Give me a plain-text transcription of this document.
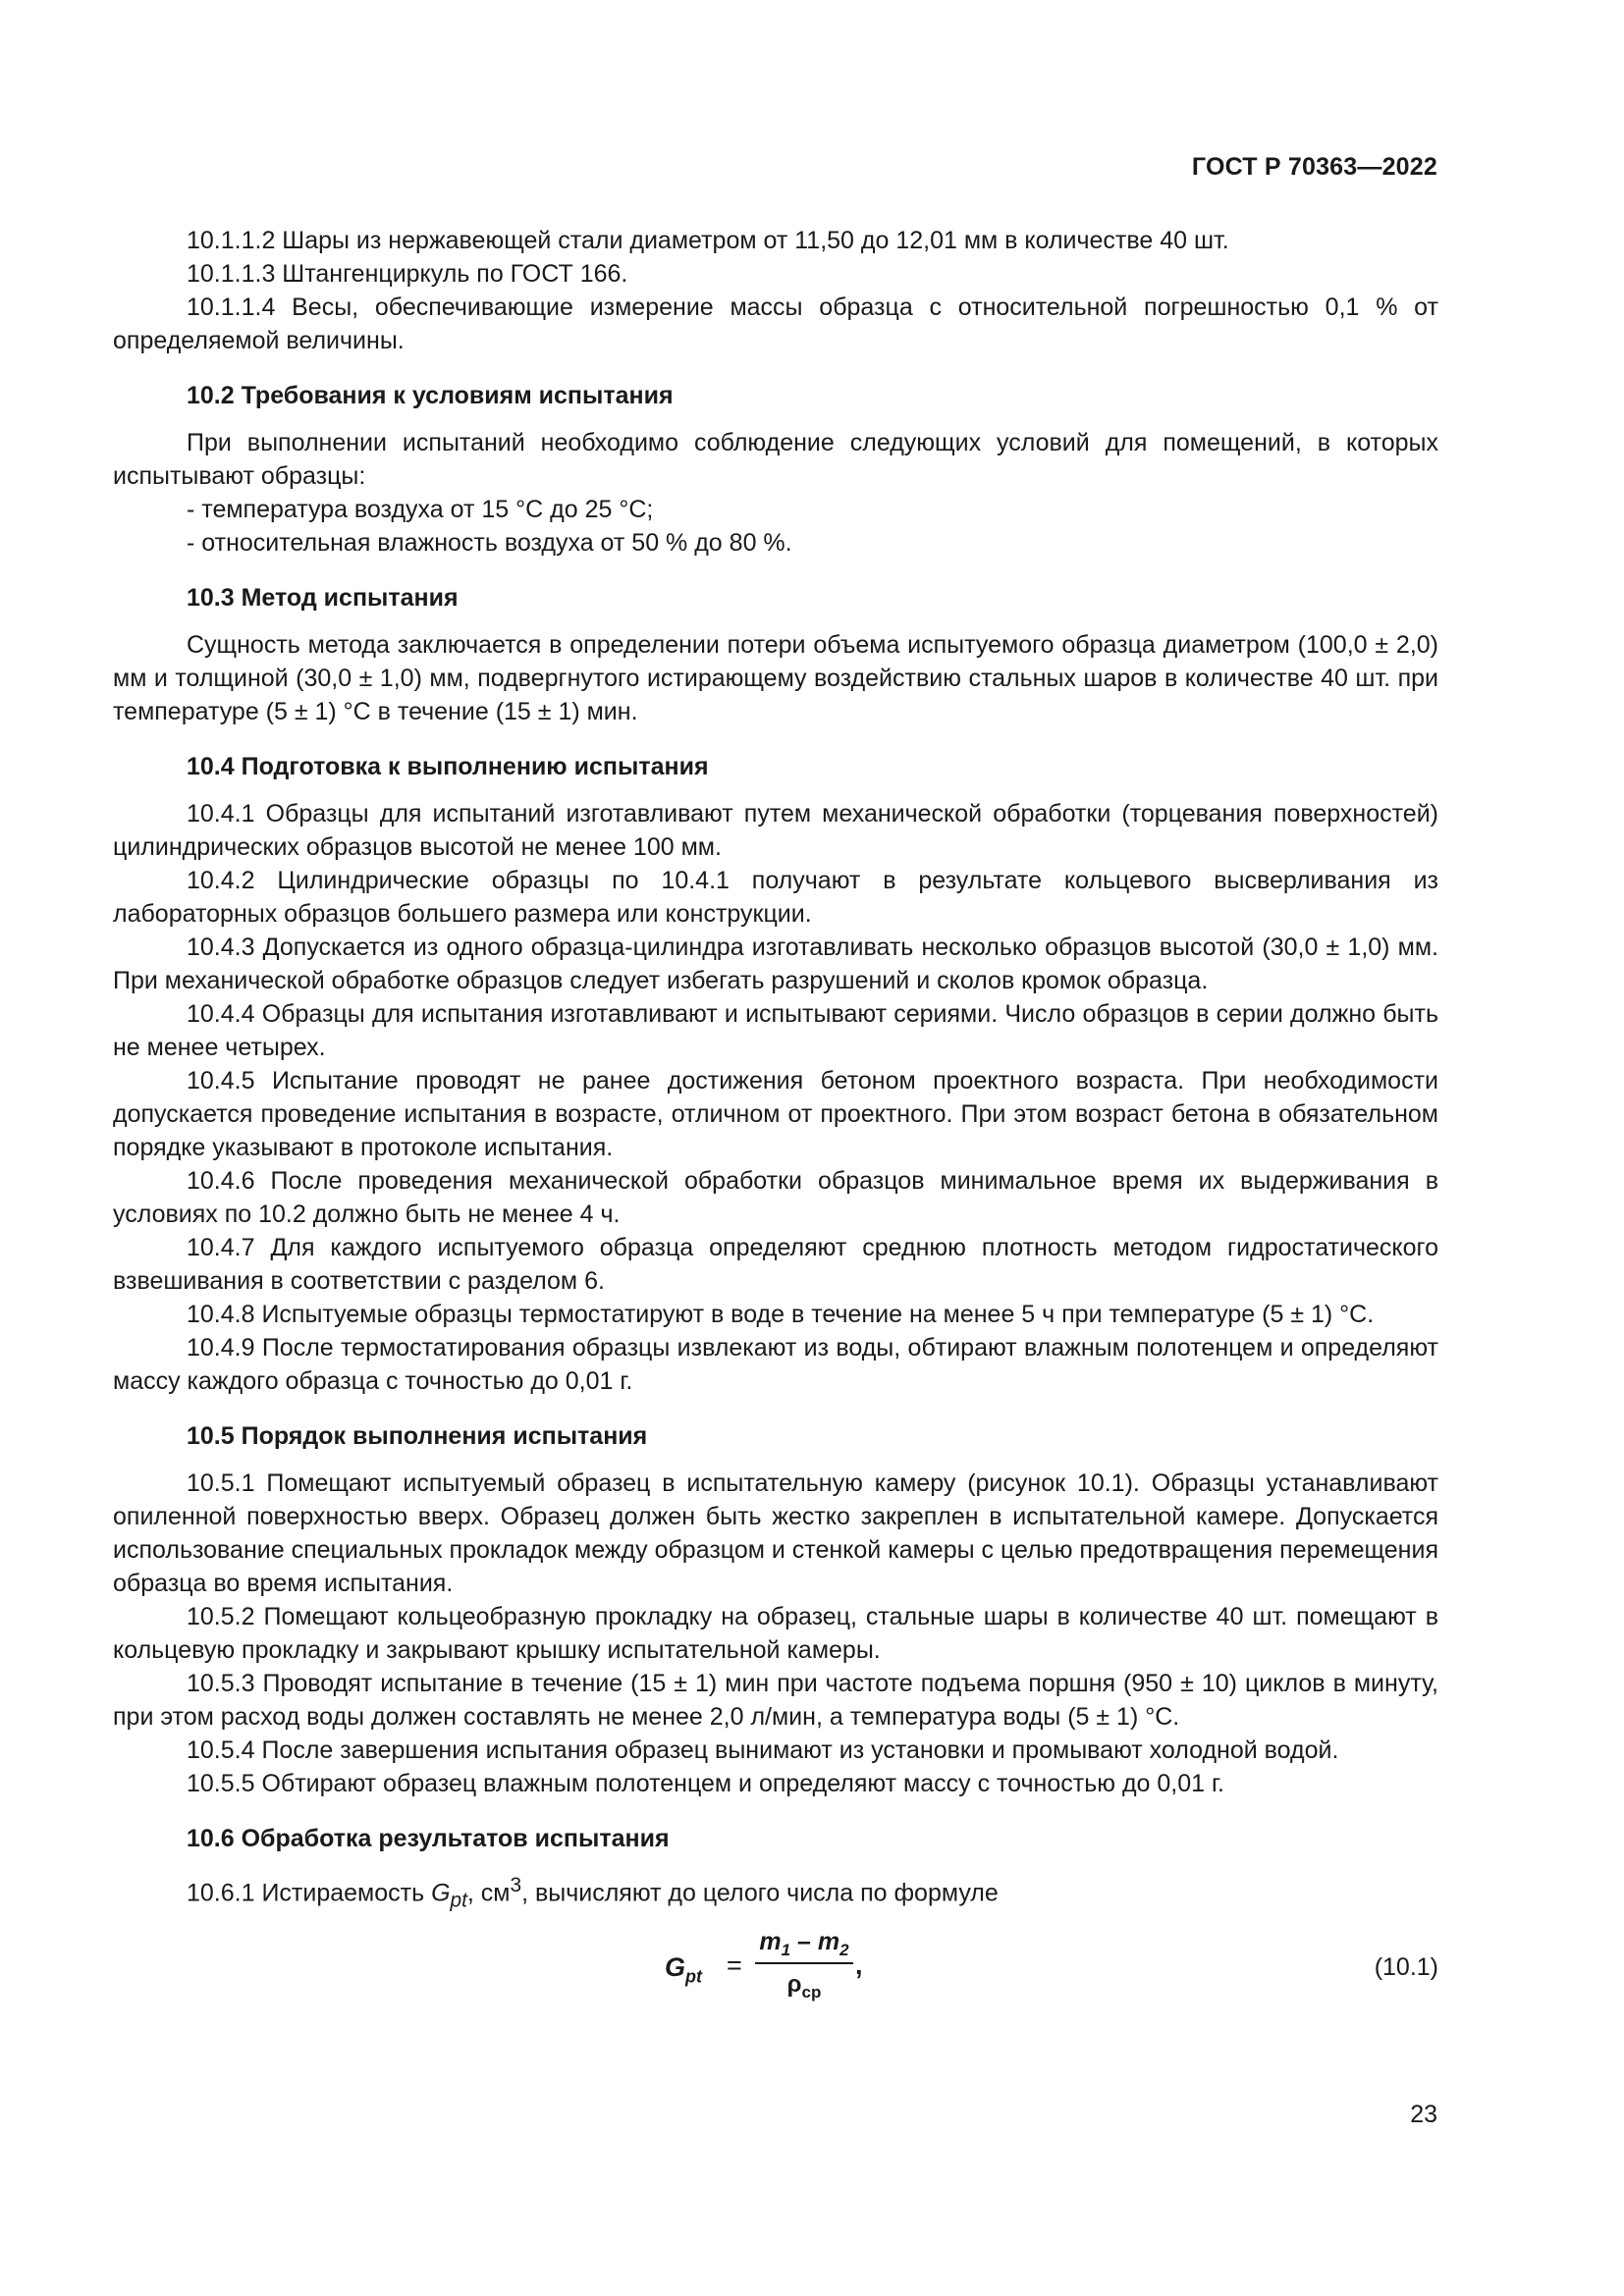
ГОСТ Р 70363—2022

10.1.1.2 Шары из нержавеющей стали диаметром от 11,50 до 12,01 мм в количестве 40 шт.

10.1.1.3 Штангенциркуль по ГОСТ 166.

10.1.1.4 Весы, обеспечивающие измерение массы образца с относительной погрешностью 0,1 % от определяемой величины.

10.2 Требования к условиям испытания

При выполнении испытаний необходимо соблюдение следующих условий для помещений, в которых испытывают образцы:

- температура воздуха от 15 °С до 25 °С;

- относительная влажность воздуха от 50 % до 80 %.

10.3 Метод испытания

Сущность метода заключается в определении потери объема испытуемого образца диаметром (100,0 ± 2,0) мм и толщиной (30,0 ± 1,0) мм, подвергнутого истирающему воздействию стальных шаров в количестве 40 шт. при температуре (5 ± 1) °С в течение (15 ± 1) мин.

10.4 Подготовка к выполнению испытания

10.4.1 Образцы для испытаний изготавливают путем механической обработки (торцевания поверхностей) цилиндрических образцов высотой не менее 100 мм.

10.4.2 Цилиндрические образцы по 10.4.1 получают в результате кольцевого высверливания из лабораторных образцов большего размера или конструкции.

10.4.3 Допускается из одного образца-цилиндра изготавливать несколько образцов высотой (30,0 ± 1,0) мм. При механической обработке образцов следует избегать разрушений и сколов кромок образца.

10.4.4 Образцы для испытания изготавливают и испытывают сериями. Число образцов в серии должно быть не менее четырех.

10.4.5 Испытание проводят не ранее достижения бетоном проектного возраста. При необходимости допускается проведение испытания в возрасте, отличном от проектного. При этом возраст бетона в обязательном порядке указывают в протоколе испытания.

10.4.6 После проведения механической обработки образцов минимальное время их выдерживания в условиях по 10.2 должно быть не менее 4 ч.

10.4.7 Для каждого испытуемого образца определяют среднюю плотность методом гидростатического взвешивания в соответствии с разделом 6.

10.4.8 Испытуемые образцы термостатируют в воде в течение на менее 5 ч при температуре (5 ± 1) °С.

10.4.9 После термостатирования образцы извлекают из воды, обтирают влажным полотенцем и определяют массу каждого образца с точностью до 0,01 г.

10.5 Порядок выполнения испытания

10.5.1 Помещают испытуемый образец в испытательную камеру (рисунок 10.1). Образцы устанавливают опиленной поверхностью вверх. Образец должен быть жестко закреплен в испытательной камере. Допускается использование специальных прокладок между образцом и стенкой камеры с целью предотвращения перемещения образца во время испытания.

10.5.2 Помещают кольцеобразную прокладку на образец, стальные шары в количестве 40 шт. помещают в кольцевую прокладку и закрывают крышку испытательной камеры.

10.5.3 Проводят испытание в течение (15 ± 1) мин при частоте подъема поршня (950 ± 10) циклов в минуту, при этом расход воды должен составлять не менее 2,0 л/мин, а температура воды (5 ± 1) °С.

10.5.4 После завершения испытания образец вынимают из установки и промывают холодной водой.

10.5.5 Обтирают образец влажным полотенцем и определяют массу с точностью до 0,01 г.

10.6 Обработка результатов испытания

10.6.1 Истираемость $G_{pt}$, $см^3$, вычисляют до целого числа по формуле

$G_{pt}$ =
$m_1 - m_2$
$\rho_{ср}$
,	(10.1)
23
